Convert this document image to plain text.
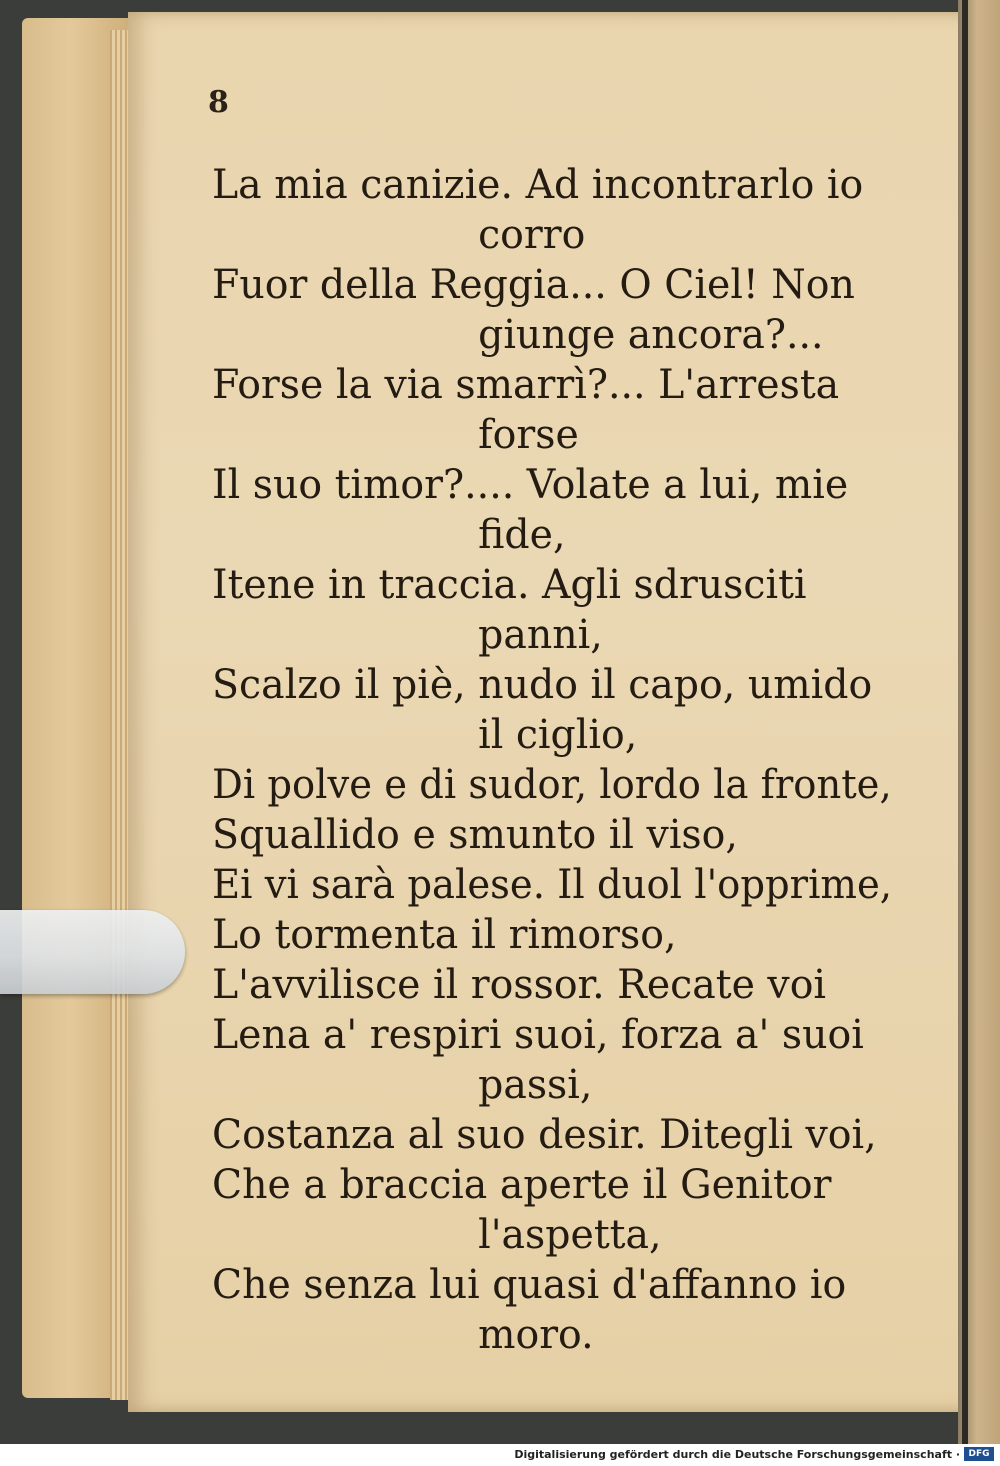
8
La mia canizie. Ad incontrarlo io
corro
Fuor della Reggia... O Ciel! Non
giunge ancora?...
Forse la via smarrì?... L'arresta
forse
Il suo timor?.... Volate a lui, mie
fide,
Itene in traccia. Agli sdrusciti
panni,
Scalzo il piè, nudo il capo, umido
il ciglio,
Di polve e di sudor, lordo la fronte,
Squallido e smunto il viso,
Ei vi sarà palese. Il duol l'opprime,
Lo tormenta il rimorso,
L'avvilisce il rossor. Recate voi
Lena a' respiri suoi, forza a' suoi
passi,
Costanza al suo desir. Ditegli voi,
Che a braccia aperte il Genitor
l'aspetta,
Che senza lui quasi d'affanno io
moro.
Digitalisierung gefördert durch die Deutsche Forschungsgemeinschaft · DFG
